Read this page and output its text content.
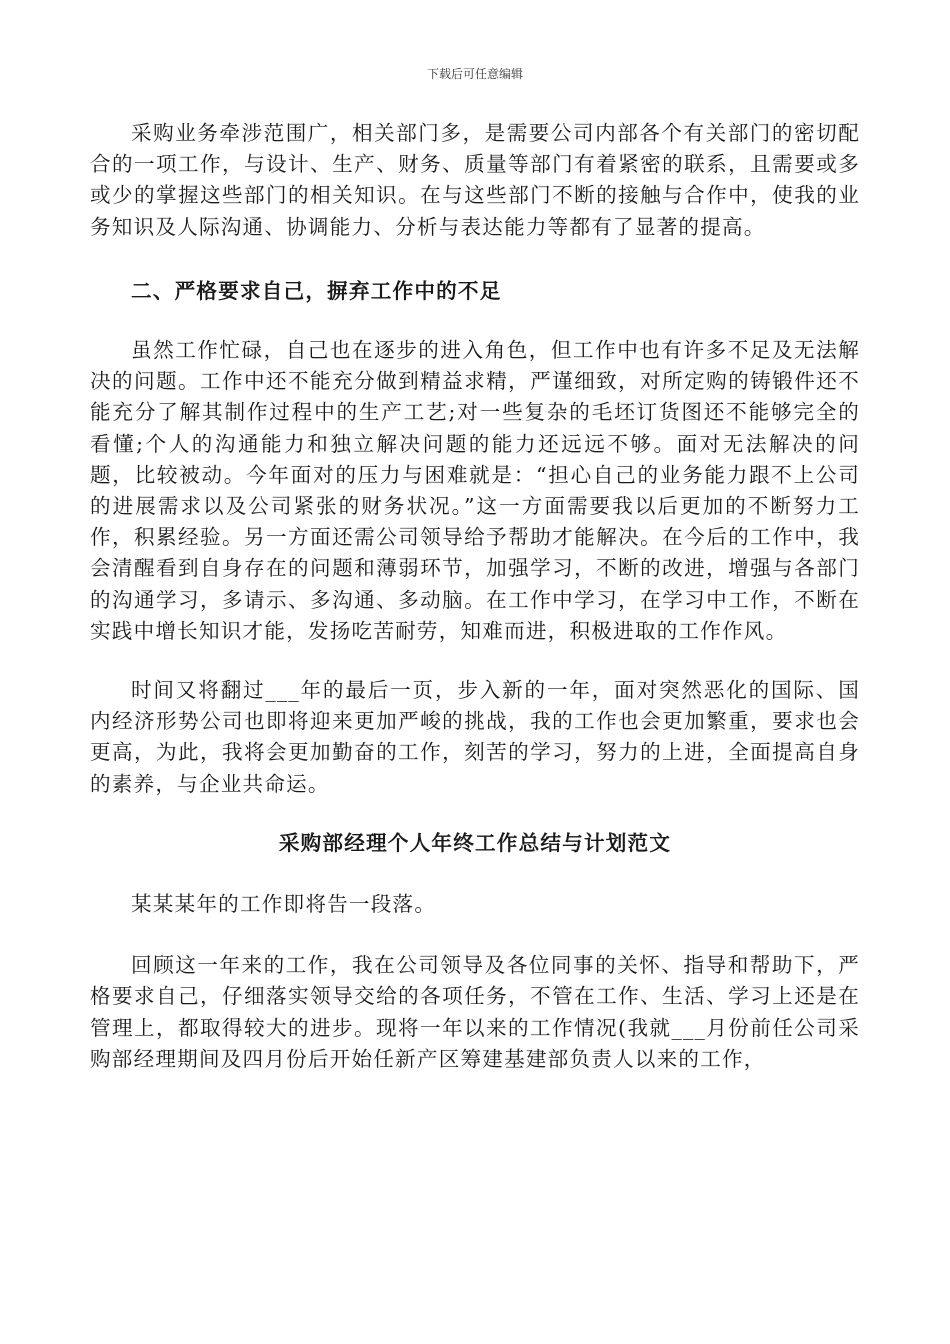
下载后可任意编辑

采购业务牵涉范围广，相关部门多，是需要公司内部各个有关部门的密切配合的一项工作，与设计、生产、财务、质量等部门有着紧密的联系，且需要或多或少的掌握这些部门的相关知识。在与这些部门不断的接触与合作中，使我的业务知识及人际沟通、协调能力、分析与表达能力等都有了显著的提高。

二、严格要求自己，摒弃工作中的不足

虽然工作忙碌，自己也在逐步的进入角色，但工作中也有许多不足及无法解决的问题。工作中还不能充分做到精益求精，严谨细致，对所定购的铸锻件还不能充分了解其制作过程中的生产工艺;对一些复杂的毛坯订货图还不能够完全的看懂;个人的沟通能力和独立解决问题的能力还远远不够。面对无法解决的问题，比较被动。今年面对的压力与困难就是：“担心自己的业务能力跟不上公司的进展需求以及公司紧张的财务状况。”这一方面需要我以后更加的不断努力工作，积累经验。另一方面还需公司领导给予帮助才能解决。在今后的工作中，我会清醒看到自身存在的问题和薄弱环节，加强学习，不断的改进，增强与各部门的沟通学习，多请示、多沟通、多动脑。在工作中学习，在学习中工作，不断在实践中增长知识才能，发扬吃苦耐劳，知难而进，积极进取的工作作风。

时间又将翻过___年的最后一页，步入新的一年，面对突然恶化的国际、国内经济形势公司也即将迎来更加严峻的挑战，我的工作也会更加繁重，要求也会更高，为此，我将会更加勤奋的工作，刻苦的学习，努力的上进，全面提高自身的素养，与企业共命运。

采购部经理个人年终工作总结与计划范文

某某某年的工作即将告一段落。

回顾这一年来的工作，我在公司领导及各位同事的关怀、指导和帮助下，严格要求自己，仔细落实领导交给的各项任务，不管在工作、生活、学习上还是在管理上，都取得较大的进步。现将一年以来的工作情况(我就___月份前任公司采购部经理期间及四月份后开始任新产区筹建基建部负责人以来的工作，
